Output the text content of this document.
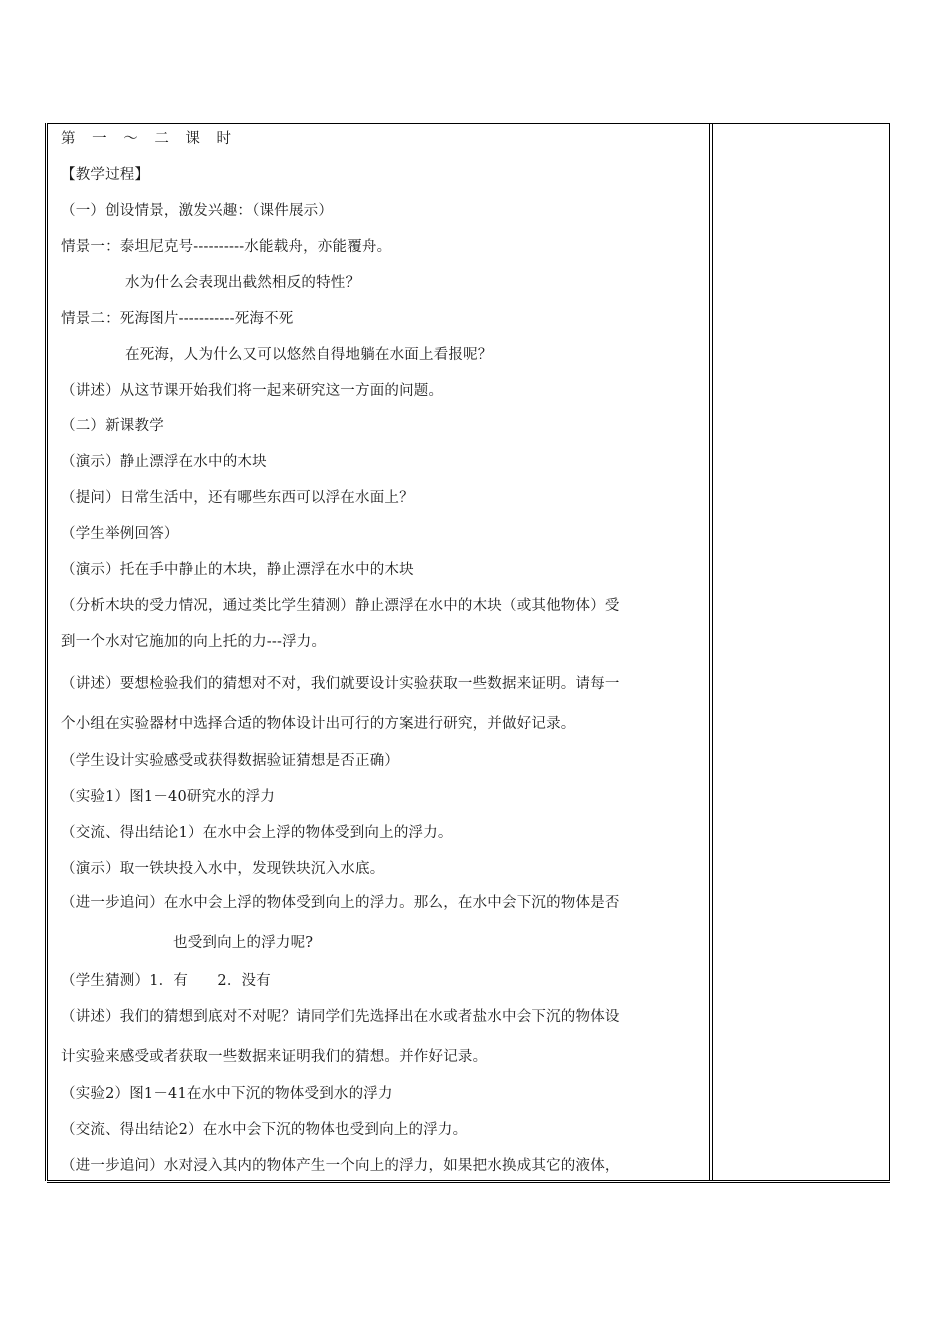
第 一 ～ 二 课 时
【教学过程】
（一）创设情景，激发兴趣：（课件展示）
情景一：泰坦尼克号----------水能载舟，亦能覆舟。
水为什么会表现出截然相反的特性？
情景二：死海图片-----------死海不死
在死海，人为什么又可以悠然自得地躺在水面上看报呢？
（讲述）从这节课开始我们将一起来研究这一方面的问题。
（二）新课教学
（演示）静止漂浮在水中的木块
（提问）日常生活中，还有哪些东西可以浮在水面上？
（学生举例回答）
（演示）托在手中静止的木块，静止漂浮在水中的木块
（分析木块的受力情况，通过类比学生猜测）静止漂浮在水中的木块（或其他物体）受
到一个水对它施加的向上托的力---浮力。
（讲述）要想检验我们的猜想对不对，我们就要设计实验获取一些数据来证明。请每一
个小组在实验器材中选择合适的物体设计出可行的方案进行研究，并做好记录。
（学生设计实验感受或获得数据验证猜想是否正确）
（实验1）图1－40研究水的浮力
（交流、得出结论1）在水中会上浮的物体受到向上的浮力。
（演示）取一铁块投入水中，发现铁块沉入水底。
（进一步追问）在水中会上浮的物体受到向上的浮力。那么，在水中会下沉的物体是否
也受到向上的浮力呢?
（学生猜测）1．有　　2．没有
（讲述）我们的猜想到底对不对呢？请同学们先选择出在水或者盐水中会下沉的物体设
计实验来感受或者获取一些数据来证明我们的猜想。并作好记录。
（实验2）图1－41在水中下沉的物体受到水的浮力
（交流、得出结论2）在水中会下沉的物体也受到向上的浮力。
（进一步追问）水对浸入其内的物体产生一个向上的浮力，如果把水换成其它的液体，
